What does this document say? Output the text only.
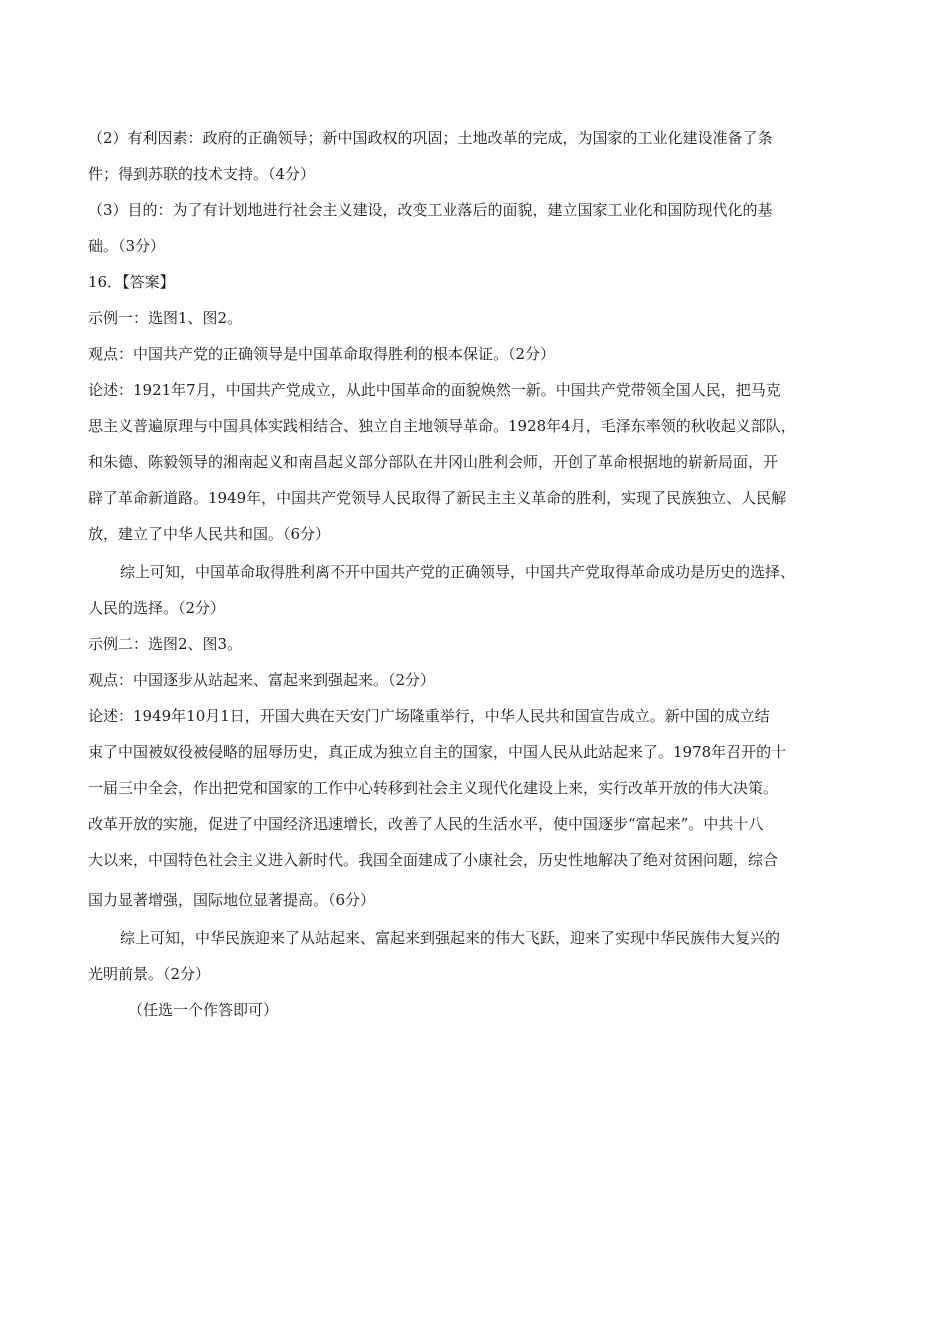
（2）有利因素：政府的正确领导；新中国政权的巩固；土地改革的完成，为国家的工业化建设准备了条
件；得到苏联的技术支持。（4分）
（3）目的：为了有计划地进行社会主义建设，改变工业落后的面貌，建立国家工业化和国防现代化的基
础。（3分）
16．【答案】
示例一：选图1、图2。
观点：中国共产党的正确领导是中国革命取得胜利的根本保证。（2分）
论述：1921年7月，中国共产党成立，从此中国革命的面貌焕然一新。中国共产党带领全国人民，把马克
思主义普遍原理与中国具体实践相结合、独立自主地领导革命。1928年4月，毛泽东率领的秋收起义部队，
和朱德、陈毅领导的湘南起义和南昌起义部分部队在井冈山胜利会师，开创了革命根据地的崭新局面，开
辟了革命新道路。1949年，中国共产党领导人民取得了新民主主义革命的胜利，实现了民族独立、人民解
放，建立了中华人民共和国。（6分）
综上可知，中国革命取得胜利离不开中国共产党的正确领导，中国共产党取得革命成功是历史的选择、
人民的选择。（2分）
示例二：选图2、图3。
观点：中国逐步从站起来、富起来到强起来。（2分）
论述：1949年10月1日，开国大典在天安门广场隆重举行，中华人民共和国宣告成立。新中国的成立结
束了中国被奴役被侵略的屈辱历史，真正成为独立自主的国家，中国人民从此站起来了。1978年召开的十
一届三中全会，作出把党和国家的工作中心转移到社会主义现代化建设上来，实行改革开放的伟大决策。
改革开放的实施，促进了中国经济迅速增长，改善了人民的生活水平，使中国逐步“富起来”。中共十八
大以来，中国特色社会主义进入新时代。我国全面建成了小康社会，历史性地解决了绝对贫困问题，综合
国力显著增强，国际地位显著提高。（6分）
综上可知，中华民族迎来了从站起来、富起来到强起来的伟大飞跃，迎来了实现中华民族伟大复兴的
光明前景。（2分）
（任选一个作答即可）
